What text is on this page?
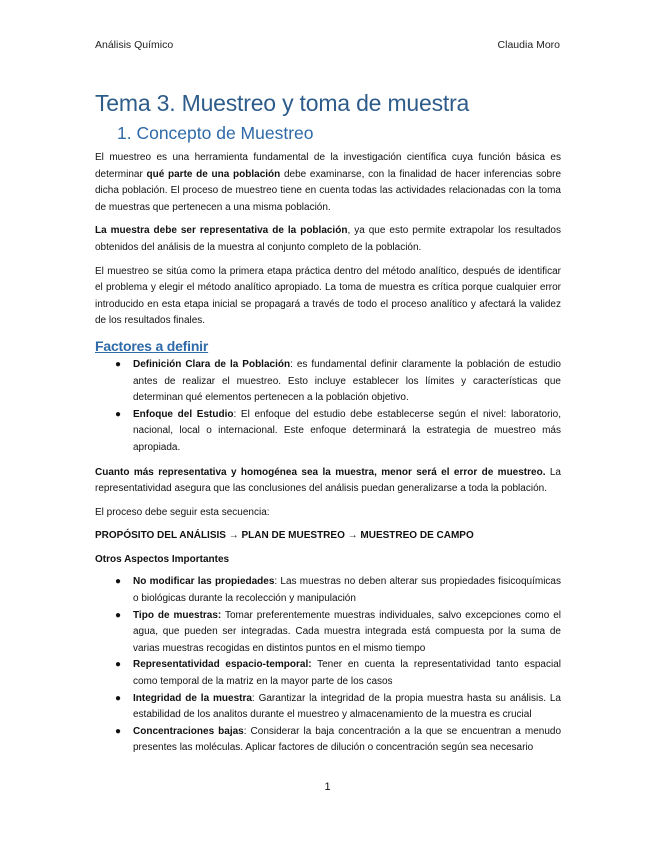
Análisis Químico	Claudia Moro
Tema 3. Muestreo y toma de muestra
1. Concepto de Muestreo

El muestreo es una herramienta fundamental de la investigación científica cuya función básica es determinar qué parte de una población debe examinarse, con la finalidad de hacer inferencias sobre dicha población. El proceso de muestreo tiene en cuenta todas las actividades relacionadas con la toma de muestras que pertenecen a una misma población.

La muestra debe ser representativa de la población, ya que esto permite extrapolar los resultados obtenidos del análisis de la muestra al conjunto completo de la población.

El muestreo se sitúa como la primera etapa práctica dentro del método analítico, después de identificar el problema y elegir el método analítico apropiado. La toma de muestra es crítica porque cualquier error introducido en esta etapa inicial se propagará a través de todo el proceso analítico y afectará la validez de los resultados finales.

Factores a definir
● Definición Clara de la Población: es fundamental definir claramente la población de estudio antes de realizar el muestreo. Esto incluye establecer los límites y características que determinan qué elementos pertenecen a la población objetivo.
● Enfoque del Estudio: El enfoque del estudio debe establecerse según el nivel: laboratorio, nacional, local o internacional. Este enfoque determinará la estrategia de muestreo más apropiada.

Cuanto más representativa y homogénea sea la muestra, menor será el error de muestreo. La representatividad asegura que las conclusiones del análisis puedan generalizarse a toda la población.

El proceso debe seguir esta secuencia:

PROPÓSITO DEL ANÁLISIS → PLAN DE MUESTREO → MUESTREO DE CAMPO

Otros Aspectos Importantes

● No modificar las propiedades: Las muestras no deben alterar sus propiedades fisicoquímicas o biológicas durante la recolección y manipulación
● Tipo de muestras: Tomar preferentemente muestras individuales, salvo excepciones como el agua, que pueden ser integradas. Cada muestra integrada está compuesta por la suma de varias muestras recogidas en distintos puntos en el mismo tiempo
● Representatividad espacio-temporal: Tener en cuenta la representatividad tanto espacial como temporal de la matriz en la mayor parte de los casos
● Integridad de la muestra: Garantizar la integridad de la propia muestra hasta su análisis. La estabilidad de los analitos durante el muestreo y almacenamiento de la muestra es crucial
● Concentraciones bajas: Considerar la baja concentración a la que se encuentran a menudo presentes las moléculas. Aplicar factores de dilución o concentración según sea necesario
1
